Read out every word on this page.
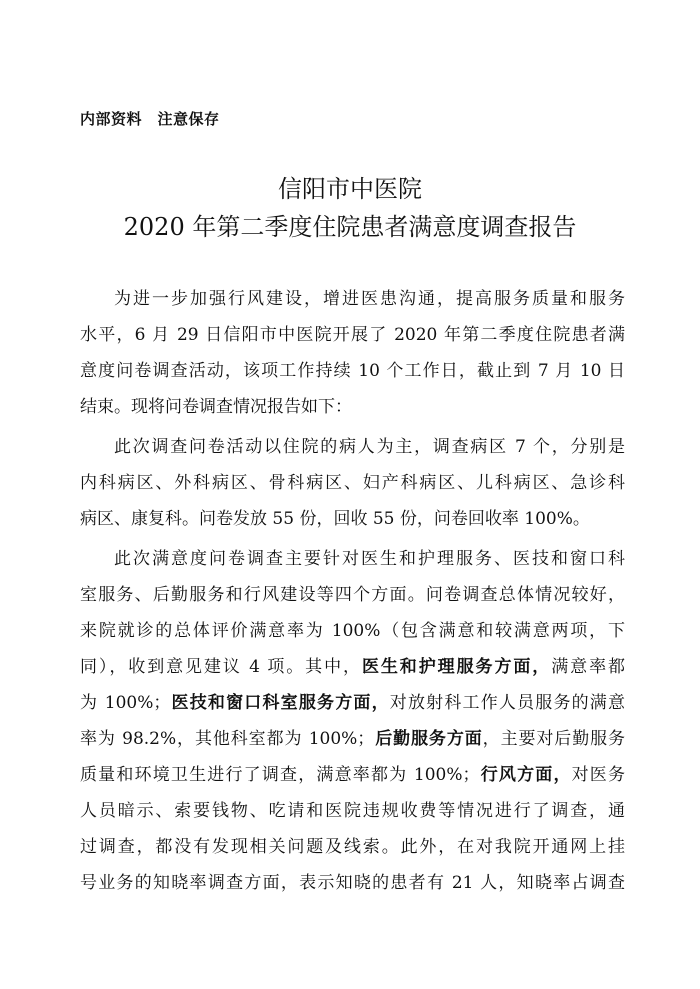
内部资料　注意保存
信阳市中医院
2020 年第二季度住院患者满意度调查报告
为进一步加强行风建设，增进医患沟通，提高服务质量和服务
水平，6 月 29 日信阳市中医院开展了 2020 年第二季度住院患者满
意度问卷调查活动，该项工作持续 10 个工作日，截止到 7 月 10 日
结束。现将问卷调查情况报告如下：
此次调查问卷活动以住院的病人为主，调查病区 7 个，分别是
内科病区、外科病区、骨科病区、妇产科病区、儿科病区、急诊科
病区、康复科。问卷发放 55 份，回收 55 份，问卷回收率 100%。
此次满意度问卷调查主要针对医生和护理服务、医技和窗口科
室服务、后勤服务和行风建设等四个方面。问卷调查总体情况较好，
来院就诊的总体评价满意率为 100%（包含满意和较满意两项，下
同），收到意见建议 4 项。其中，医生和护理服务方面，满意率都
为 100%；医技和窗口科室服务方面，对放射科工作人员服务的满意
率为 98.2%，其他科室都为 100%；后勤服务方面，主要对后勤服务
质量和环境卫生进行了调查，满意率都为 100%；行风方面，对医务
人员暗示、索要钱物、吃请和医院违规收费等情况进行了调查，通
过调查，都没有发现相关问题及线索。此外，在对我院开通网上挂
号业务的知晓率调查方面，表示知晓的患者有 21 人，知晓率占调查
